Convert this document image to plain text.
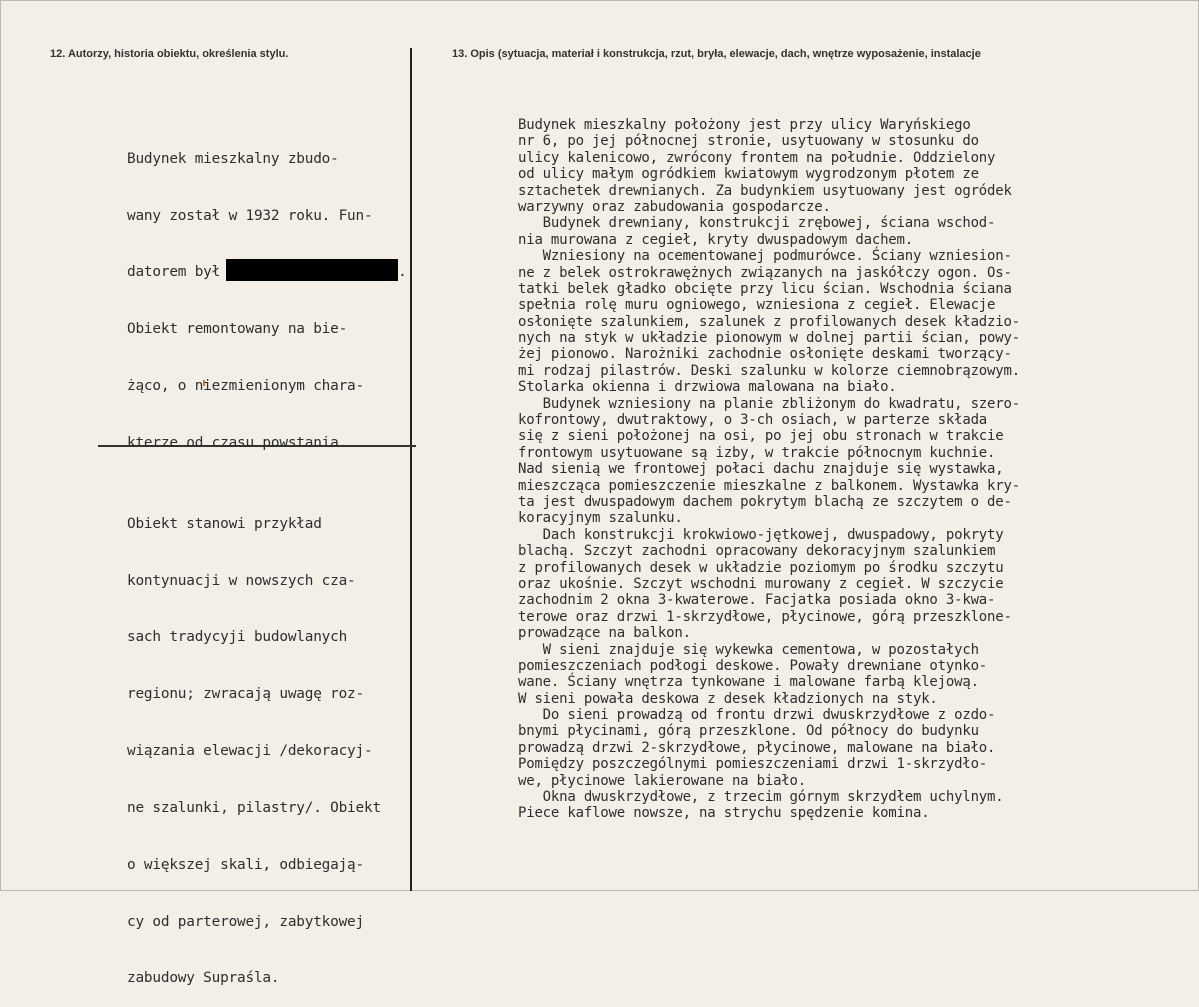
12. Autorzy, historia obiektu, określenia stylu.	13. Opis (sytuacja, materiał i konstrukcja, rzut, bryła, elewacje, dach, wnętrze wyposażenie, instalacje

Budynek mieszkalny zbudo-

wany został w 1932 roku. Fun-

datorem był	.

Obiekt remontowany na bie-

żąco, o niezmienionym chara-

kterze od czasu powstania.

Obiekt stanowi przykład

kontynuacji w nowszych cza-

sach tradycyji budowlanych

regionu; zwracają uwagę roz-

wiązania elewacji /dekoracyj-

ne szalunki, pilastry/. Obiekt

o większej skali, odbiegają-

cy od parterowej, zabytkowej

zabudowy Supraśla.

Budynek mieszkalny położony jest przy ulicy Waryńskiego
nr 6, po jej północnej stronie, usytuowany w stosunku do
ulicy kalenicowo, zwrócony frontem na południe. Oddzielony
od ulicy małym ogródkiem kwiatowym wygrodzonym płotem ze
sztachetek drewnianych. Za budynkiem usytuowany jest ogródek
warzywny oraz zabudowania gospodarcze.
Budynek drewniany, konstrukcji zrębowej, ściana wschod-
nia murowana z cegieł, kryty dwuspadowym dachem.
Wzniesiony na ocementowanej podmurówce. Ściany wzniesion-
ne z belek ostrokrawężnych związanych na jaskółczy ogon. Os-
tatki belek gładko obcięte przy licu ścian. Wschodnia ściana
spełnia rolę muru ogniowego, wzniesiona z cegieł. Elewacje
osłonięte szalunkiem, szalunek z profilowanych desek kładzio-
nych na styk w układzie pionowym w dolnej partii ścian, powy-
żej pionowo. Narożniki zachodnie osłonięte deskami tworzący-
mi rodzaj pilastrów. Deski szalunku w kolorze ciemnobrązowym.
Stolarka okienna i drzwiowa malowana na biało.
Budynek wzniesiony na planie zbliżonym do kwadratu, szero-
kofrontowy, dwutraktowy, o 3-ch osiach, w parterze składa
się z sieni położonej na osi, po jej obu stronach w trakcie
frontowym usytuowane są izby, w trakcie północnym kuchnie.
Nad sienią we frontowej połaci dachu znajduje się wystawka,
mieszcząca pomieszczenie mieszkalne z balkonem. Wystawka kry-
ta jest dwuspadowym dachem pokrytym blachą ze szczytem o de-
koracyjnym szalunku.
Dach konstrukcji krokwiowo-jętkowej, dwuspadowy, pokryty
blachą. Szczyt zachodni opracowany dekoracyjnym szalunkiem
z profilowanych desek w układzie poziomym po środku szczytu
oraz ukośnie. Szczyt wschodni murowany z cegieł. W szczycie
zachodnim 2 okna 3-kwaterowe. Facjatka posiada okno 3-kwa-
terowe oraz drzwi 1-skrzydłowe, płycinowe, górą przeszklone-
prowadzące na balkon.
W sieni znajduje się wykewka cementowa, w pozostałych
pomieszczeniach podłogi deskowe. Powały drewniane otynko-
wane. Ściany wnętrza tynkowane i malowane farbą klejową.
W sieni powała deskowa z desek kładzionych na styk.
Do sieni prowadzą od frontu drzwi dwuskrzydłowe z ozdo-
bnymi płycinami, górą przeszklone. Od północy do budynku
prowadzą drzwi 2-skrzydłowe, płycinowe, malowane na biało.
Pomiędzy poszczególnymi pomieszczeniami drzwi 1-skrzydło-
we, płycinowe lakierowane na biało.
Okna dwuskrzydłowe, z trzecim górnym skrzydłem uchylnym.
Piece kaflowe nowsze, na strychu spędzenie komina.
